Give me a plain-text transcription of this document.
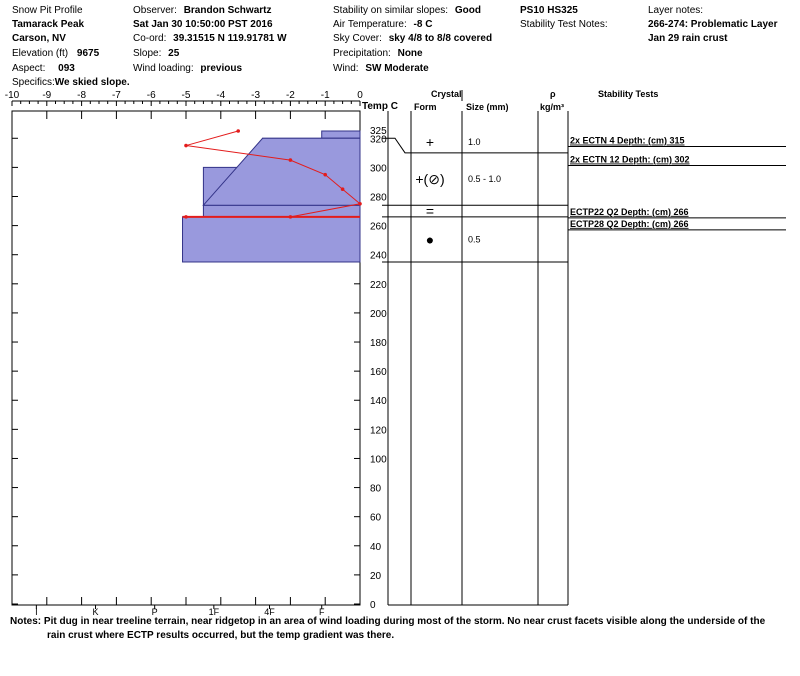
Snow Pit Profile
Tamarack Peak
Carson, NV
Elevation (ft) 9675
Aspect: 093
Specifics:We skied slope.
Observer: Brandon Schwartz
Sat Jan 30 10:50:00 PST 2016
Co-ord: 39.31515 N 119.91781 W
Slope: 25
Wind loading: previous
Stability on similar slopes: Good
Air Temperature: -8 C
Sky Cover: sky 4/8 to 8/8 covered
Precipitation: None
Wind: SW Moderate
PS10 HS325
Stability Test Notes:
Layer notes:
266-274: Problematic Layer
Jan 29 rain crust
-10 -9	-8	-7	-6	-5	-4	-3	-2	-1	0
I	K	P	1F	4F	F
Temp C
0
20
40
60
80
100
120
140
160
180
200
220
240
260
280
300
320
325
Crystal
Form	Size (mm)
ρ
kg/m³
Stability Tests
+	1.0
+(⊘)	0.5 - 1.0
=
●	0.5
2x ECTN 4 Depth: (cm) 315
2x ECTN 12 Depth: (cm) 302
ECTP22 Q2 Depth: (cm) 266
ECTP28 Q2 Depth: (cm) 266
Notes: Pit dug in near treeline terrain, near ridgetop in an area of wind loading during most of the storm. No near crust facets visible along the underside of the
rain crust where ECTP results occurred, but the temp gradient was there.
